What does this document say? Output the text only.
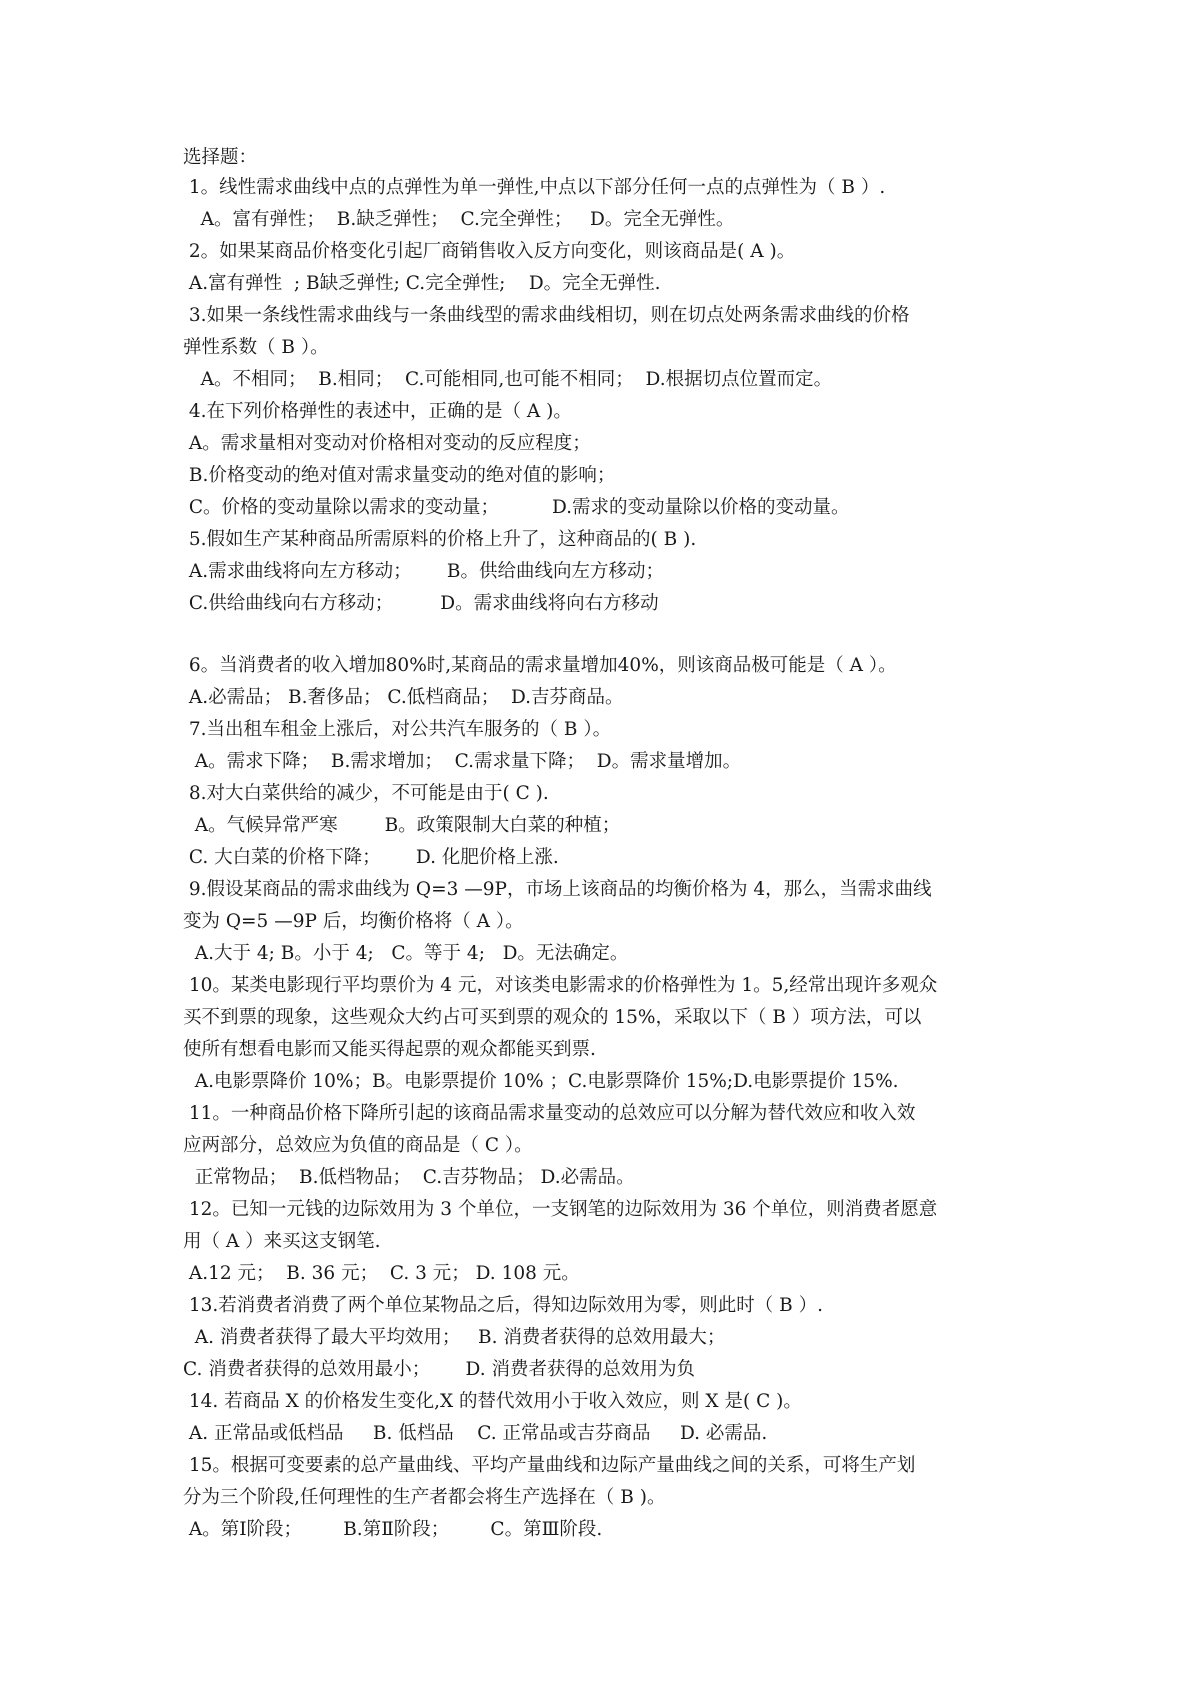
选择题：
1。线性需求曲线中点的点弹性为单一弹性,中点以下部分任何一点的点弹性为（ B ）.
A。富有弹性；  B.缺乏弹性；  C.完全弹性；   D。完全无弹性。
2。如果某商品价格变化引起厂商销售收入反方向变化，则该商品是( A )。
A.富有弹性  ; B缺乏弹性; C.完全弹性;    D。完全无弹性.
3.如果一条线性需求曲线与一条曲线型的需求曲线相切，则在切点处两条需求曲线的价格
弹性系数（ B ）。
A。不相同；  B.相同；  C.可能相同,也可能不相同；  D.根据切点位置而定。
4.在下列价格弹性的表述中，正确的是（ A )。
A。需求量相对变动对价格相对变动的反应程度；
B.价格变动的绝对值对需求量变动的绝对值的影响；
C。价格的变动量除以需求的变动量；         D.需求的变动量除以价格的变动量。
5.假如生产某种商品所需原料的价格上升了，这种商品的( B ).
A.需求曲线将向左方移动；      B。供给曲线向左方移动；
C.供给曲线向右方移动；        D。需求曲线将向右方移动
6。当消费者的收入增加80%时,某商品的需求量增加40%，则该商品极可能是（ A ）。
A.必需品； B.奢侈品； C.低档商品；  D.吉芬商品。
7.当出租车租金上涨后，对公共汽车服务的（ B ）。
A。需求下降；  B.需求增加；  C.需求量下降；  D。需求量增加。
8.对大白菜供给的减少，不可能是由于( C ).
A。气候异常严寒        B。政策限制大白菜的种植；
C. 大白菜的价格下降；      D. 化肥价格上涨.
9.假设某商品的需求曲线为 Q=3 —9P，市场上该商品的均衡价格为 4，那么，当需求曲线
变为 Q=5 —9P 后，均衡价格将（ A ）。
A.大于 4; B。小于 4;   C。等于 4;   D。无法确定。
10。某类电影现行平均票价为 4 元，对该类电影需求的价格弹性为 1。5,经常出现许多观众
买不到票的现象，这些观众大约占可买到票的观众的 15%，采取以下（ B ）项方法，可以
使所有想看电影而又能买得起票的观众都能买到票.
A.电影票降价 10%；B。电影票提价 10% ；C.电影票降价 15%;D.电影票提价 15%.
11。一种商品价格下降所引起的该商品需求量变动的总效应可以分解为替代效应和收入效
应两部分，总效应为负值的商品是（ C ）。
正常物品；  B.低档物品；  C.吉芬物品； D.必需品。
12。已知一元钱的边际效用为 3 个单位，一支钢笔的边际效用为 36 个单位，则消费者愿意
用（ A ）来买这支钢笔.
A.12 元；  B. 36 元；  C. 3 元； D. 108 元。
13.若消费者消费了两个单位某物品之后，得知边际效用为零，则此时（ B ）.
A. 消费者获得了最大平均效用；   B. 消费者获得的总效用最大；
C. 消费者获得的总效用最小；      D. 消费者获得的总效用为负
14. 若商品 X 的价格发生变化,X 的替代效用小于收入效应，则 X 是( C )。
A. 正常品或低档品     B. 低档品    C. 正常品或吉芬商品     D. 必需品.
15。根据可变要素的总产量曲线、平均产量曲线和边际产量曲线之间的关系，可将生产划
分为三个阶段,任何理性的生产者都会将生产选择在（ B )。
A。第Ⅰ阶段；       B.第Ⅱ阶段；       C。第Ⅲ阶段.
